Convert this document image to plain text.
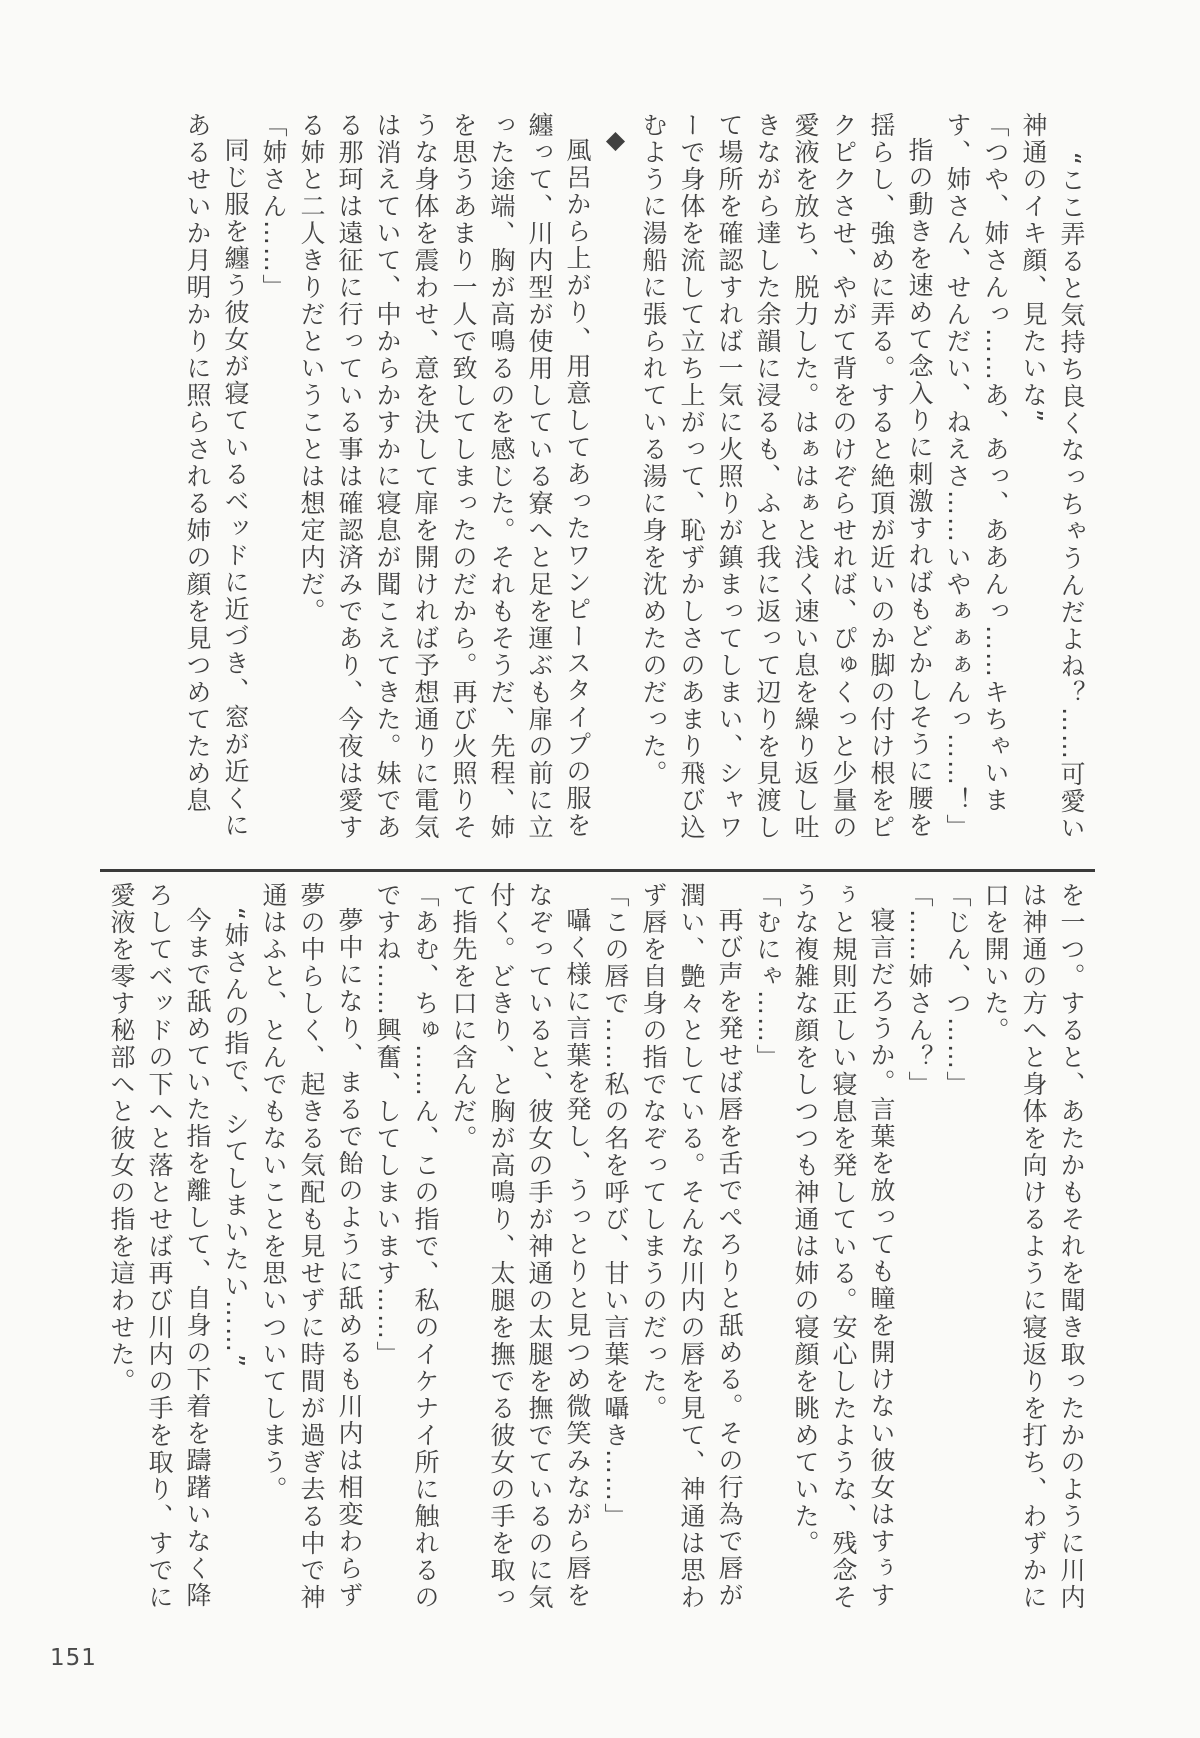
“ここ弄ると気持ち良くなっちゃうんだよね？……可愛い神通のイキ顔、見たいな”

「つや、姉さんっ……あ、あっ、ああんっ……キちゃいます、姉さん、せんだい、ねえさ……いやぁぁぁんっ……！」

指の動きを速めて念入りに刺激すればもどかしそうに腰を揺らし、強めに弄る。すると絶頂が近いのか脚の付け根をピクピクさせ、やがて背をのけぞらせれば、ぴゅくっと少量の愛液を放ち、脱力した。はぁはぁと浅く速い息を繰り返し吐きながら達した余韻に浸るも、ふと我に返って辺りを見渡して場所を確認すれば一気に火照りが鎮まってしまい、シャワーで身体を流して立ち上がって、恥ずかしさのあまり飛び込むように湯船に張られている湯に身を沈めたのだった。

◆

風呂から上がり、用意してあったワンピースタイプの服を纏って、川内型が使用している寮へと足を運ぶも扉の前に立った途端、胸が高鳴るのを感じた。それもそうだ、先程、姉を思うあまり一人で致してしまったのだから。再び火照りそうな身体を震わせ、意を決して扉を開ければ予想通りに電気は消えていて、中からかすかに寝息が聞こえてきた。妹である那珂は遠征に行っている事は確認済みであり、今夜は愛する姉と二人きりだということは想定内だ。

「姉さん……」

同じ服を纏う彼女が寝ているベッドに近づき、窓が近くにあるせいか月明かりに照らされる姉の顔を見つめてため息

を一つ。すると、あたかもそれを聞き取ったかのように川内は神通の方へと身体を向けるように寝返りを打ち、わずかに口を開いた。

「じん、つ……」

「……姉さん？」

寝言だろうか。言葉を放っても瞳を開けない彼女はすぅすぅと規則正しい寝息を発している。安心したような、残念そうな複雑な顔をしつつも神通は姉の寝顔を眺めていた。

「むにゃ……」

再び声を発せば唇を舌でぺろりと舐める。その行為で唇が潤い、艶々としている。そんな川内の唇を見て、神通は思わず唇を自身の指でなぞってしまうのだった。

「この唇で……私の名を呼び、甘い言葉を囁き……」

囁く様に言葉を発し、うっとりと見つめ微笑みながら唇をなぞっていると、彼女の手が神通の太腿を撫でているのに気付く。どきり、と胸が高鳴り、太腿を撫でる彼女の手を取って指先を口に含んだ。

「あむ、ちゅ……ん、この指で、私のイケナイ所に触れるのですね……興奮、してしまいます……」

夢中になり、まるで飴のように舐めるも川内は相変わらず夢の中らしく、起きる気配も見せずに時間が過ぎ去る中で神通はふと、とんでもないことを思いついてしまう。

“姉さんの指で、シてしまいたい……”

今まで舐めていた指を離して、自身の下着を躊躇いなく降ろしてベッドの下へと落とせば再び川内の手を取り、すでに愛液を零す秘部へと彼女の指を這わせた。

151
